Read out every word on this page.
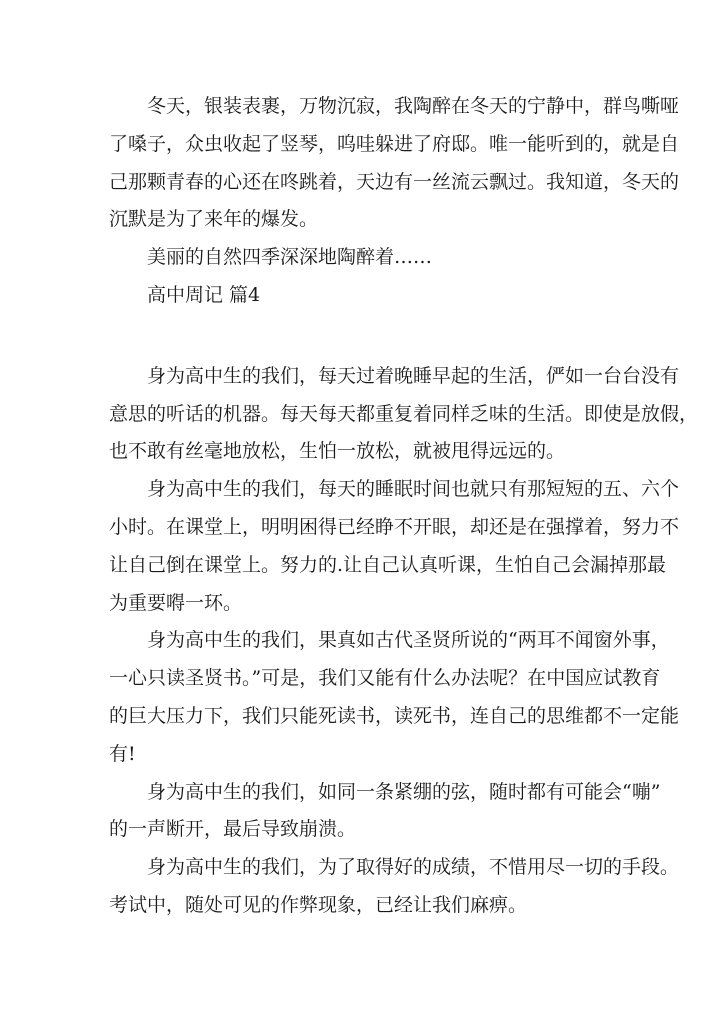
冬天，银装表裹，万物沉寂，我陶醉在冬天的宁静中，群鸟嘶哑
了嗓子，众虫收起了竖琴，呜哇躲进了府邸。唯一能听到的，就是自
己那颗青春的心还在咚跳着，天边有一丝流云飘过。我知道，冬天的
沉默是为了来年的爆发。

美丽的自然四季深深地陶醉着……

高中周记 篇4

身为高中生的我们，每天过着晚睡早起的生活，俨如一台台没有
意思的听话的机器。每天每天都重复着同样乏味的生活。即使是放假，
也不敢有丝毫地放松，生怕一放松，就被甩得远远的。

身为高中生的我们，每天的睡眠时间也就只有那短短的五、六个
小时。在课堂上，明明困得已经睁不开眼，却还是在强撑着，努力不
让自己倒在课堂上。努力的.让自己认真听课，生怕自己会漏掉那最
为重要嘚一环。

身为高中生的我们，果真如古代圣贤所说的“两耳不闻窗外事，
一心只读圣贤书。”可是，我们又能有什么办法呢？在中国应试教育
的巨大压力下，我们只能死读书，读死书，连自己的思维都不一定能
有!

身为高中生的我们，如同一条紧绷的弦，随时都有可能会“嘣”
的一声断开，最后导致崩溃。

身为高中生的我们，为了取得好的成绩，不惜用尽一切的手段。
考试中，随处可见的作弊现象，已经让我们麻痹。
